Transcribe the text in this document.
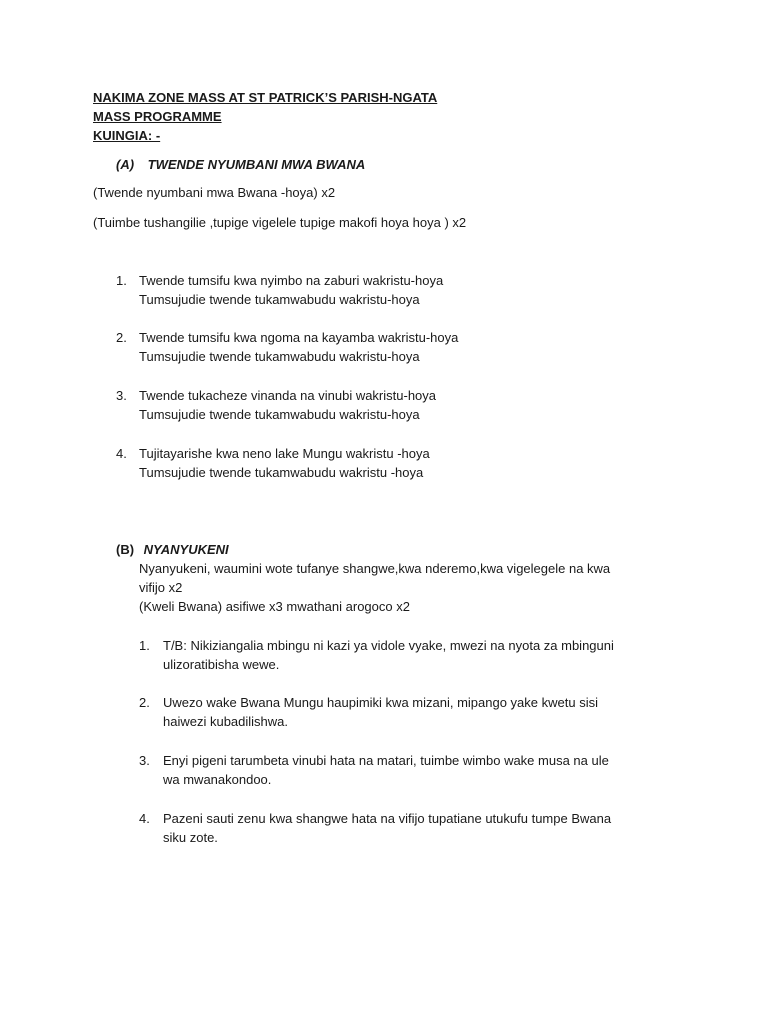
NAKIMA ZONE MASS AT ST PATRICK’S PARISH-NGATA
MASS PROGRAMME
KUINGIA: -
(A) TWENDE NYUMBANI MWA BWANA
(Twende nyumbani mwa Bwana -hoya) x2
(Tuimbe tushangilie ,tupige vigelele tupige makofi hoya hoya ) x2
1. Twende tumsifu kwa nyimbo na zaburi wakristu-hoya
Tumsujudie twende tukamwabudu wakristu-hoya
2. Twende tumsifu kwa ngoma na kayamba wakristu-hoya
Tumsujudie twende tukamwabudu wakristu-hoya
3. Twende tukacheze vinanda na vinubi wakristu-hoya
Tumsujudie twende tukamwabudu wakristu-hoya
4. Tujitayarishe kwa neno lake Mungu wakristu -hoya
Tumsujudie twende tukamwabudu wakristu -hoya
(B) NYANYUKENI
Nyanyukeni, waumini wote tufanye shangwe,kwa nderemo,kwa vigelegele na kwa
vifijo x2
(Kweli Bwana) asifiwe x3 mwathani arogoco x2
1. T/B: Nikiziangalia mbingu ni kazi ya vidole vyake, mwezi na nyota za mbinguni
ulizoratibisha wewe.
2. Uwezo wake Bwana Mungu haupimiki kwa mizani, mipango yake kwetu sisi
haiwezi kubadilishwa.
3. Enyi pigeni tarumbeta vinubi hata na matari, tuimbe wimbo wake musa na ule
wa mwanakondoo.
4. Pazeni sauti zenu kwa shangwe hata na vifijo tupatiane utukufu tumpe Bwana
siku zote.
